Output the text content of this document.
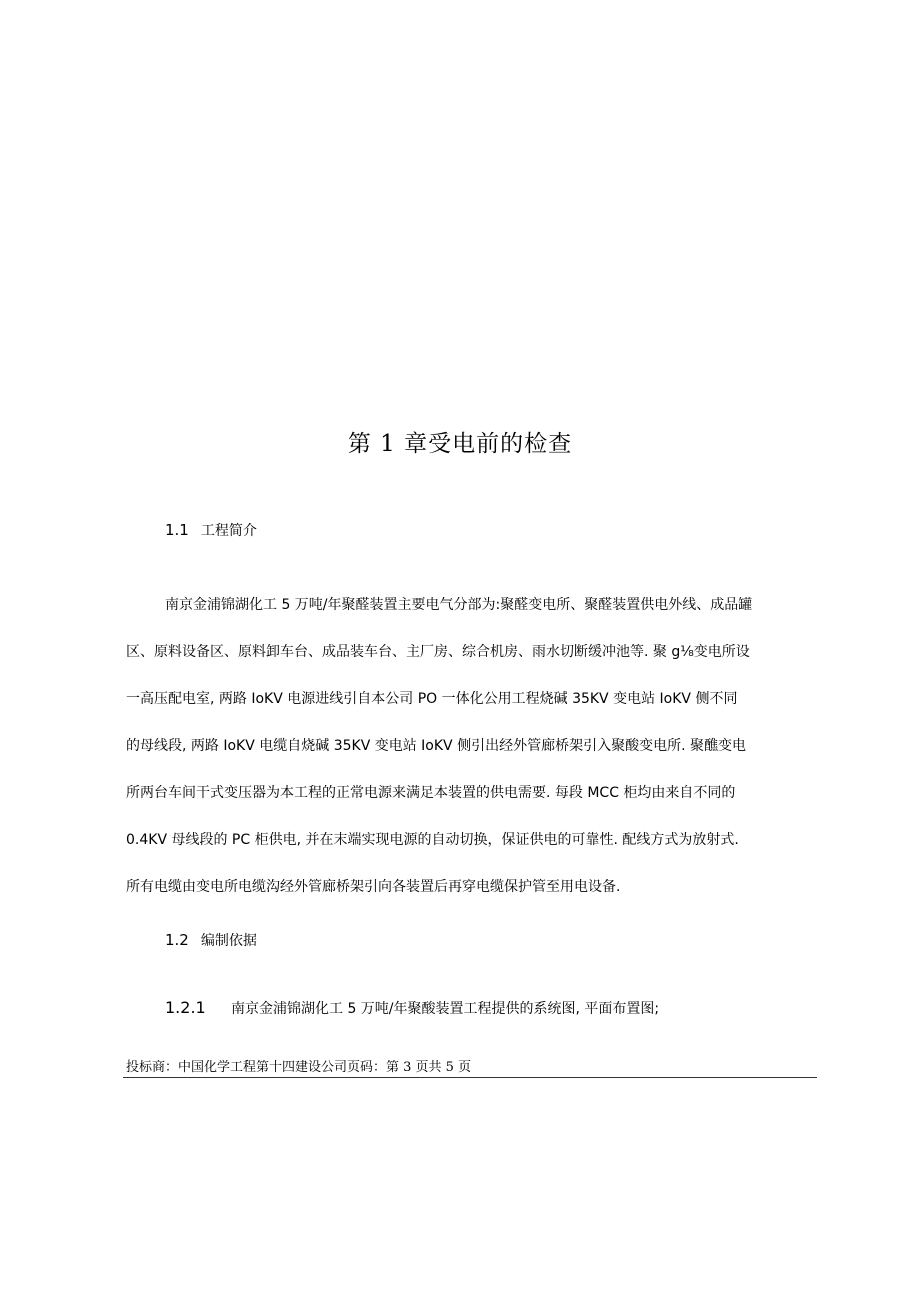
第 1 章受电前的检查
1.1 工程简介
南京金浦锦湖化工 5 万吨/年聚醛装置主要电气分部为:聚醛变电所、聚醛装置供电外线、成品罐
区、原料设备区、原料卸车台、成品装车台、主厂房、综合机房、雨水切断缓冲池等. 聚 g⅛变电所设
一高压配电室, 两路 IoKV 电源进线引自本公司 PO 一体化公用工程烧碱 35KV 变电站 IoKV 侧不同
的母线段, 两路 IoKV 电缆自烧碱 35KV 变电站 IoKV 侧引出经外管廊桥架引入聚酸变电所. 聚醮变电
所两台车间干式变压器为本工程的正常电源来满足本装置的供电需要. 每段 MCC 柜均由来自不同的
0.4KV 母线段的 PC 柜供电, 并在末端实现电源的自动切换，保证供电的可靠性. 配线方式为放射式.
所有电缆由变电所电缆沟经外管廊桥架引向各装置后再穿电缆保护管至用电设备.
1.2 编制依据
1.2.1 南京金浦锦湖化工 5 万吨/年聚酸装置工程提供的系统图, 平面布置图;
投标商：中国化学工程第十四建设公司页码：第 3 页共 5 页
